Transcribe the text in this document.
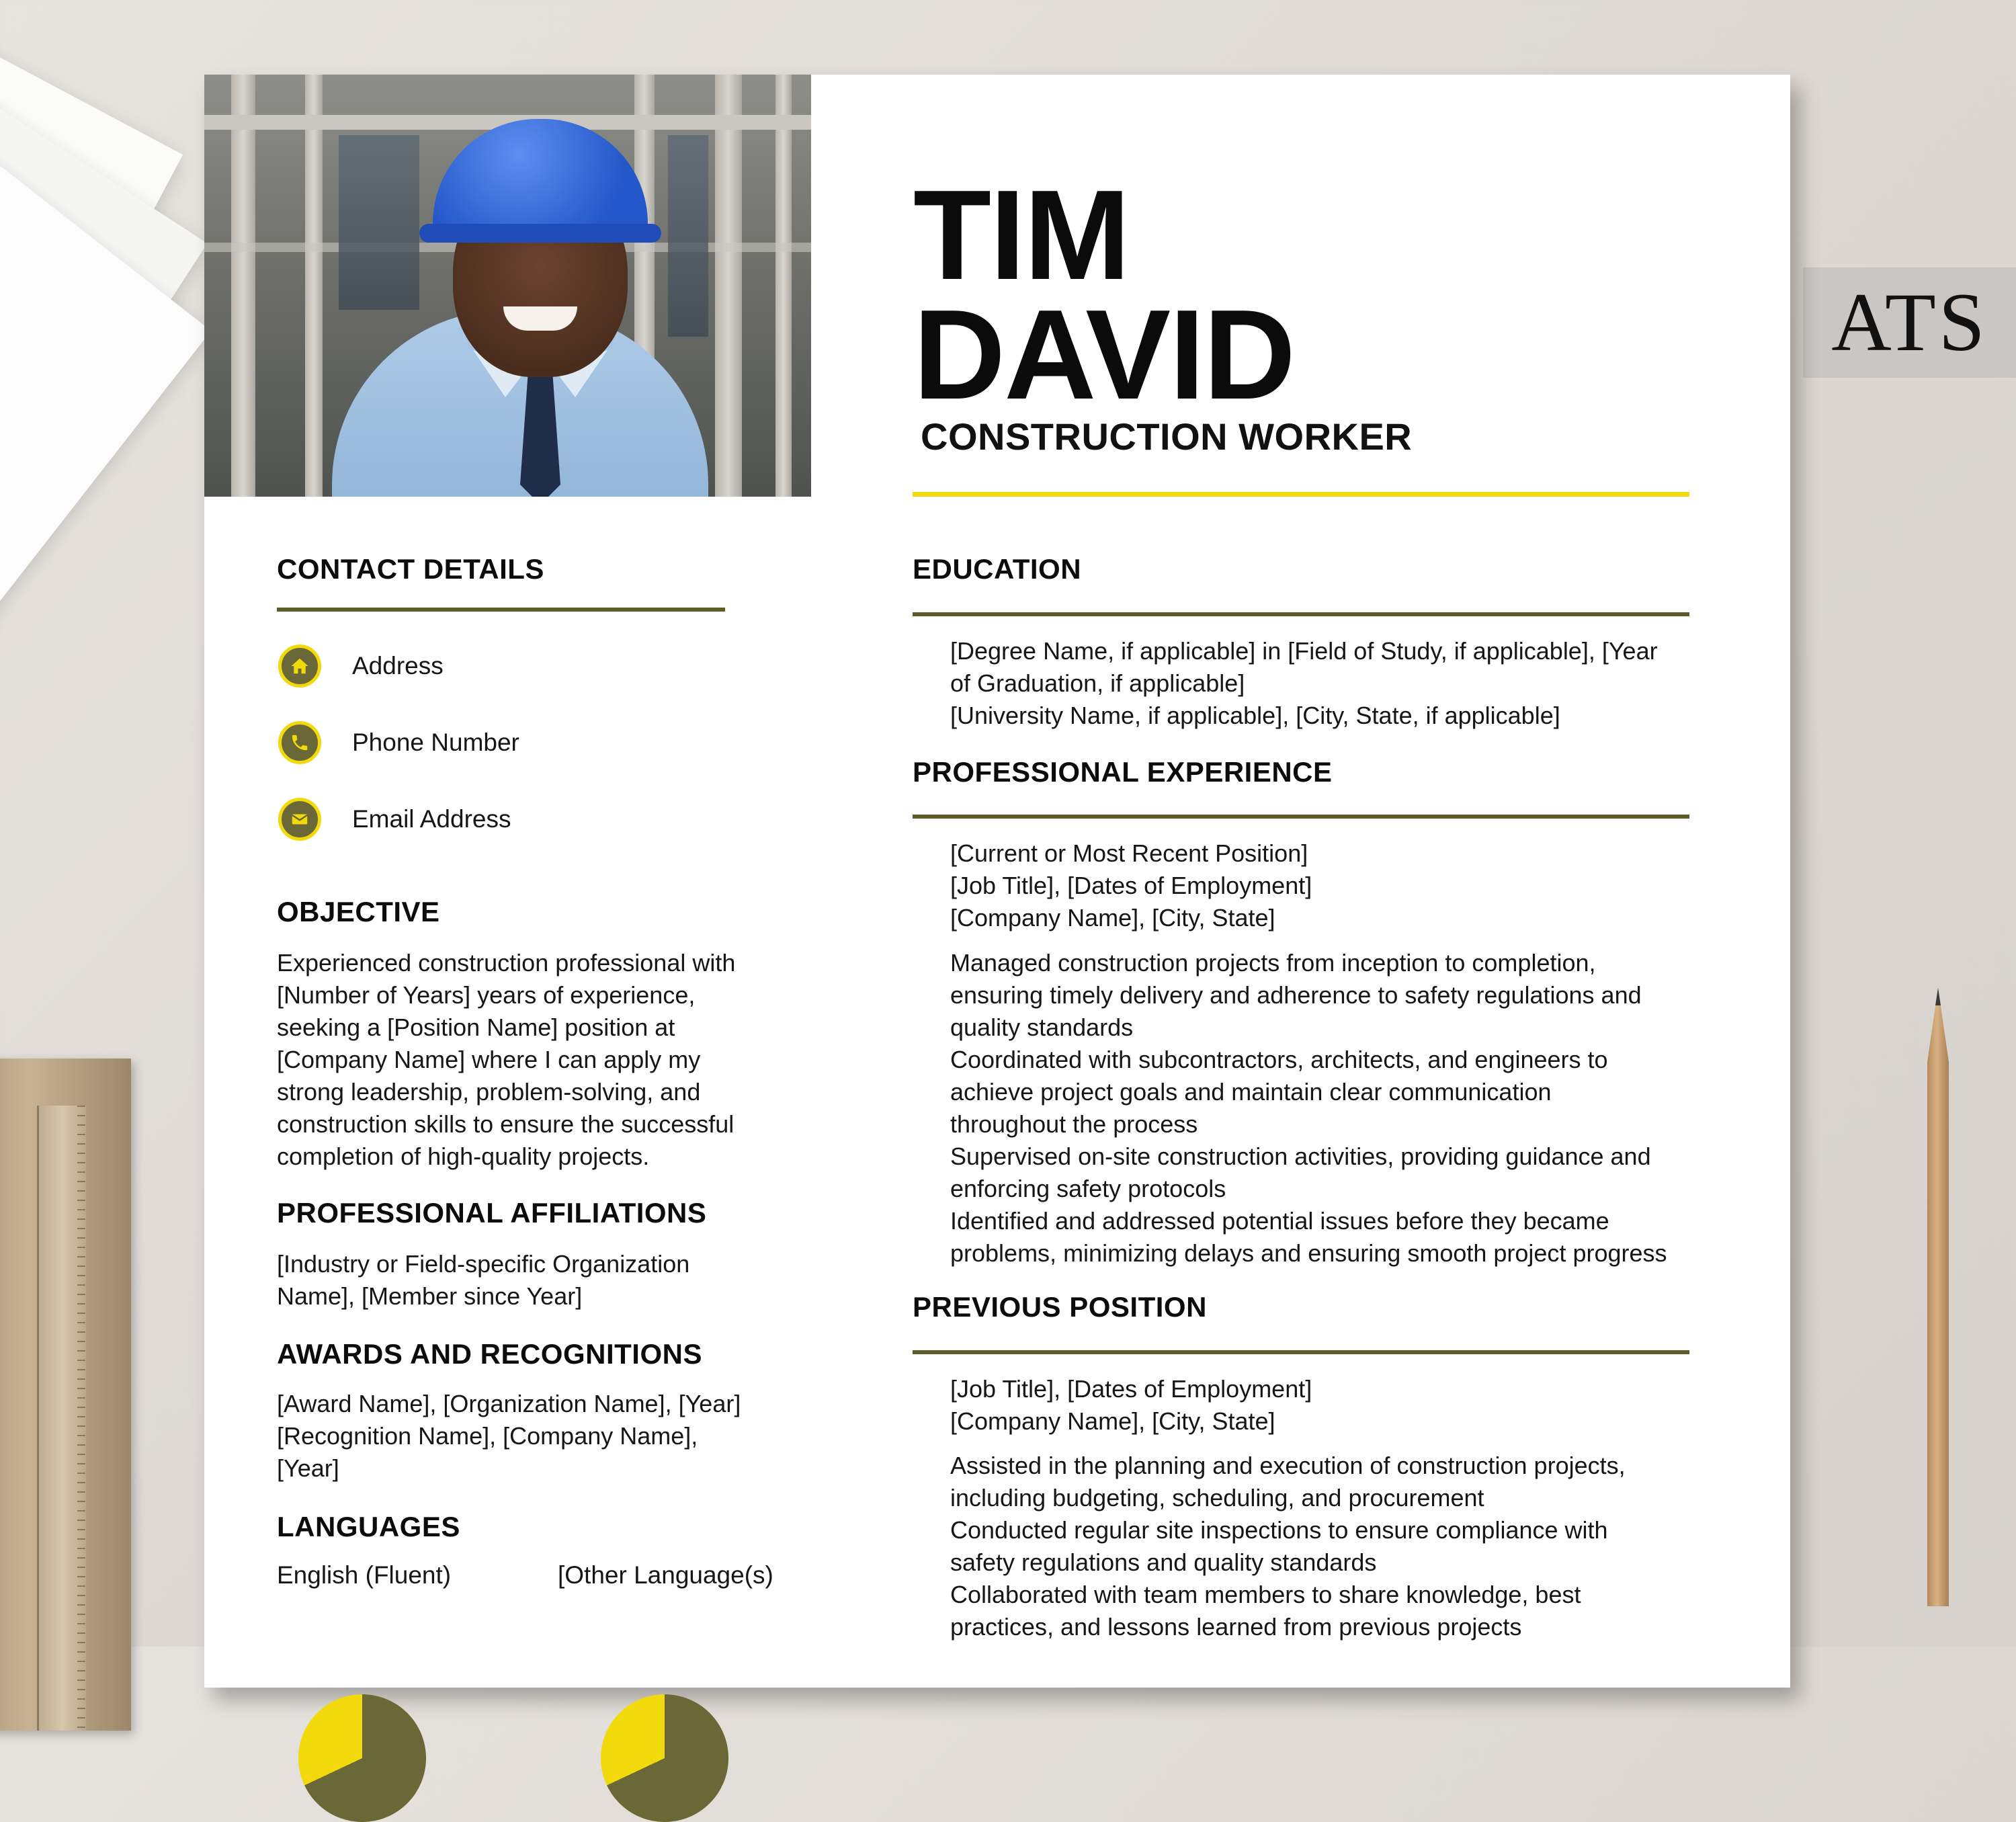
ATS
TIM
DAVID
CONSTRUCTION WORKER
CONTACT DETAILS
Address
Phone Number
Email Address
OBJECTIVE

Experienced construction professional with

[Number of Years] years of experience,

seeking a [Position Name] position at

[Company Name] where I can apply my

strong leadership, problem-solving, and

construction skills to ensure the successful

completion of high-quality projects.

PROFESSIONAL AFFILIATIONS

[Industry or Field-specific Organization

Name], [Member since Year]

AWARDS AND RECOGNITIONS

[Award Name], [Organization Name], [Year]

[Recognition Name], [Company Name],

[Year]

LANGUAGES

English (Fluent)	[Other Language(s)

EDUCATION

[Degree Name, if applicable] in [Field of Study, if applicable], [Year

of Graduation, if applicable]

[University Name, if applicable], [City, State, if applicable]

PROFESSIONAL EXPERIENCE

[Current or Most Recent Position]

[Job Title], [Dates of Employment]

[Company Name], [City, State]

Managed construction projects from inception to completion,

ensuring timely delivery and adherence to safety regulations and

quality standards

Coordinated with subcontractors, architects, and engineers to

achieve project goals and maintain clear communication

throughout the process

Supervised on-site construction activities, providing guidance and

enforcing safety protocols

Identified and addressed potential issues before they became

problems, minimizing delays and ensuring smooth project progress

PREVIOUS POSITION

[Job Title], [Dates of Employment]

[Company Name], [City, State]

Assisted in the planning and execution of construction projects,

including budgeting, scheduling, and procurement

Conducted regular site inspections to ensure compliance with

safety regulations and quality standards

Collaborated with team members to share knowledge, best

practices, and lessons learned from previous projects
